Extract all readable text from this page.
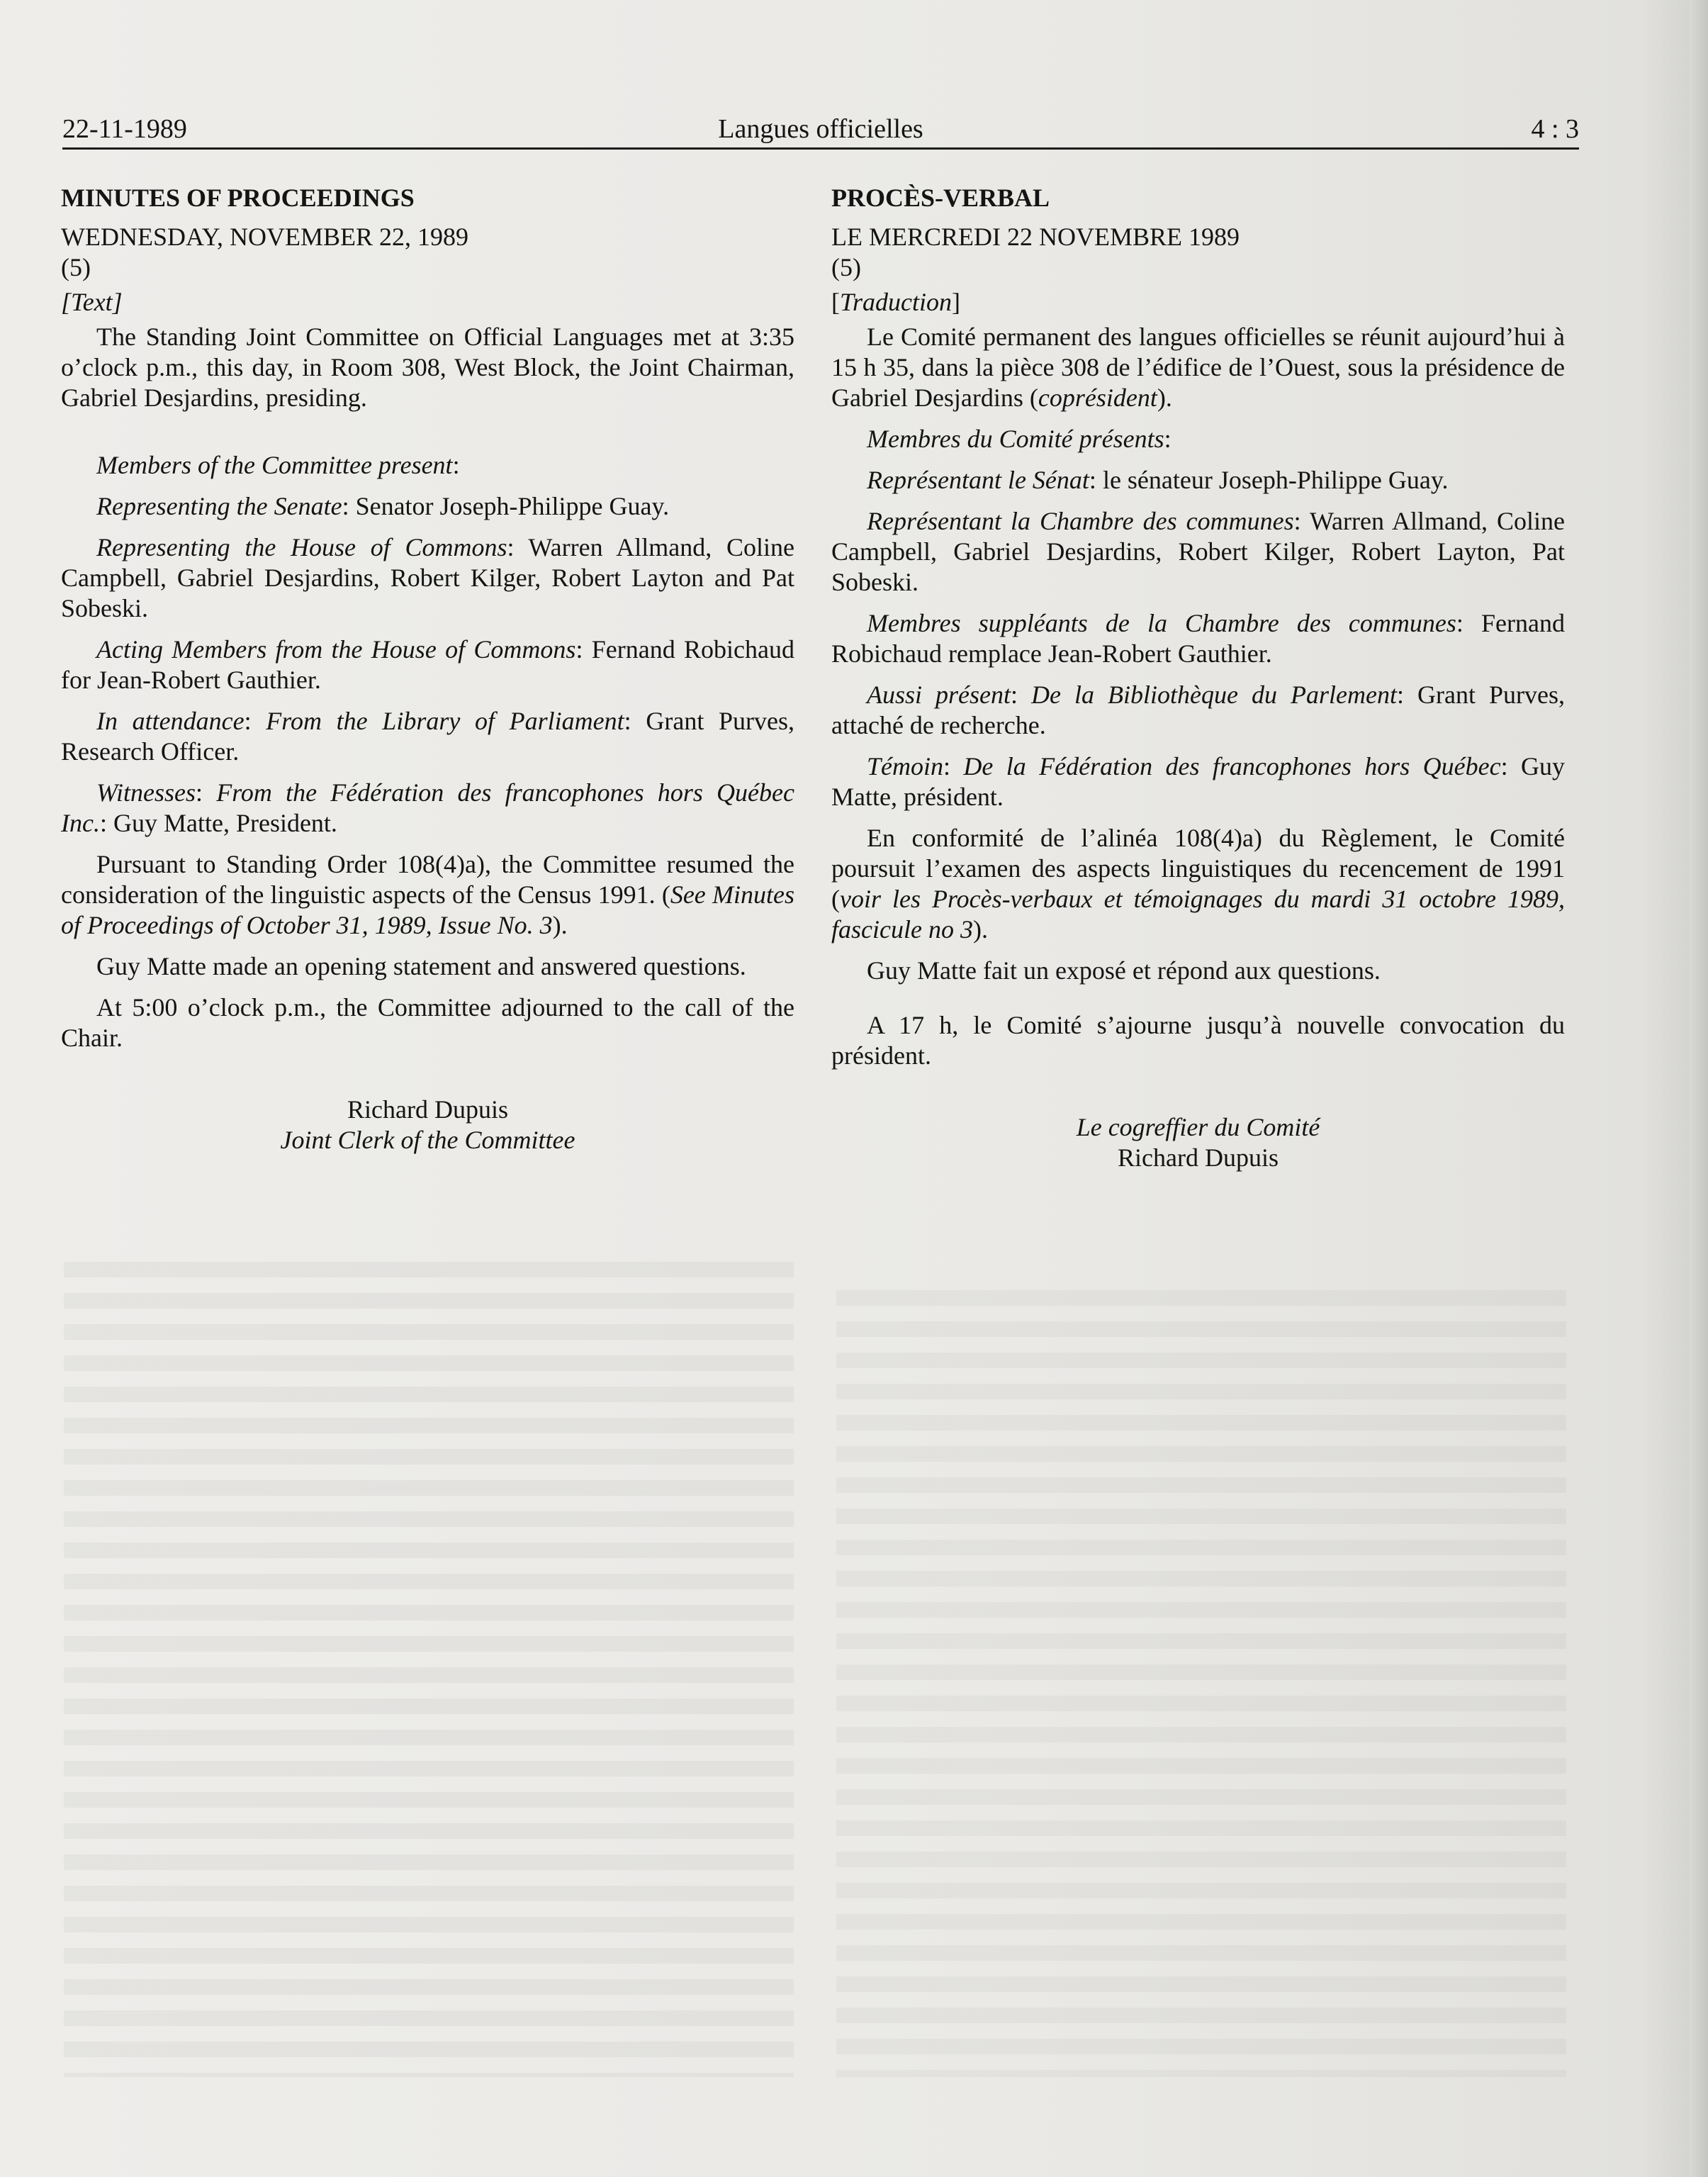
22-11-1989	Langues officielles	4 : 3

MINUTES OF PROCEEDINGS

WEDNESDAY, NOVEMBER 22, 1989

(5)

[Text]

The Standing Joint Committee on Official Languages met at 3:35 o’clock p.m., this day, in Room 308, West Block, the Joint Chairman, Gabriel Desjardins, presiding.

Members of the Committee present:

Representing the Senate: Senator Joseph-Philippe Guay.

Representing the House of Commons: Warren Allmand, Coline Campbell, Gabriel Desjardins, Robert Kilger, Robert Layton and Pat Sobeski.

Acting Members from the House of Commons: Fernand Robichaud for Jean-Robert Gauthier.

In attendance: From the Library of Parliament: Grant Purves, Research Officer.

Witnesses: From the Fédération des francophones hors Québec Inc.: Guy Matte, President.

Pursuant to Standing Order 108(4)a), the Committee resumed the consideration of the linguistic aspects of the Census 1991. (See Minutes of Proceedings of October 31, 1989, Issue No. 3).

Guy Matte made an opening statement and answered questions.

At 5:00 o’clock p.m., the Committee adjourned to the call of the Chair.

Richard Dupuis

Joint Clerk of the Committee

PROCÈS-VERBAL

LE MERCREDI 22 NOVEMBRE 1989

(5)

[Traduction]

Le Comité permanent des langues officielles se réunit aujourd’hui à 15 h 35, dans la pièce 308 de l’édifice de l’Ouest, sous la présidence de Gabriel Desjardins (coprésident).

Membres du Comité présents:

Représentant le Sénat: le sénateur Joseph-Philippe Guay.

Représentant la Chambre des communes: Warren Allmand, Coline Campbell, Gabriel Desjardins, Robert Kilger, Robert Layton, Pat Sobeski.

Membres suppléants de la Chambre des communes: Fernand Robichaud remplace Jean-Robert Gauthier.

Aussi présent: De la Bibliothèque du Parlement: Grant Purves, attaché de recherche.

Témoin: De la Fédération des francophones hors Québec: Guy Matte, président.

En conformité de l’alinéa 108(4)a) du Règlement, le Comité poursuit l’examen des aspects linguistiques du recencement de 1991 (voir les Procès-verbaux et témoignages du mardi 31 octobre 1989, fascicule no 3).

Guy Matte fait un exposé et répond aux questions.

A 17 h, le Comité s’ajourne jusqu’à nouvelle convocation du président.

Le cogreffier du Comité

Richard Dupuis
